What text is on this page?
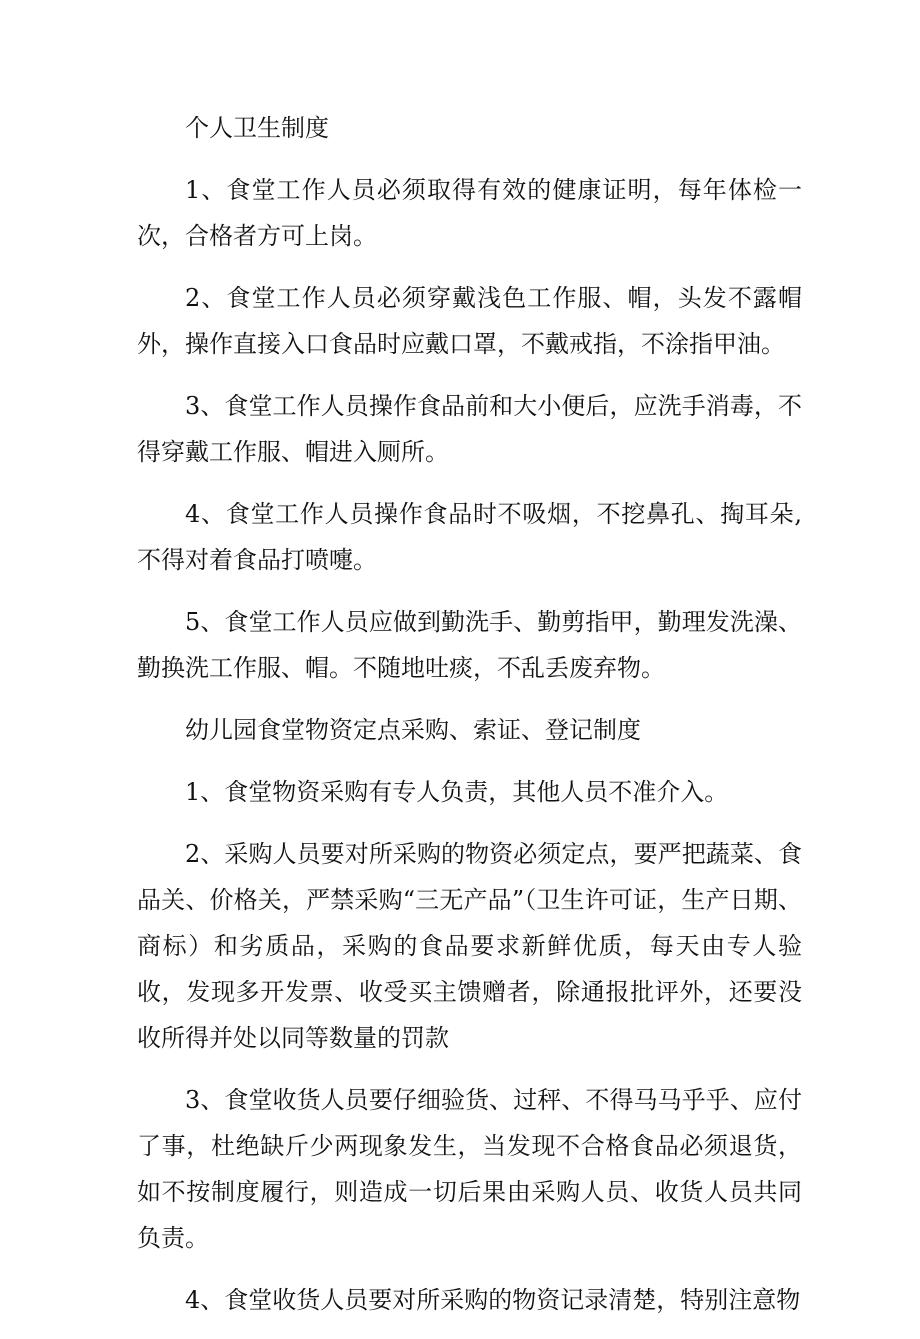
个人卫生制度

1、食堂工作人员必须取得有效的健康证明，每年体检一次，合格者方可上岗。

2、食堂工作人员必须穿戴浅色工作服、帽，头发不露帽外，操作直接入口食品时应戴口罩，不戴戒指，不涂指甲油。

3、食堂工作人员操作食品前和大小便后，应洗手消毒，不得穿戴工作服、帽进入厕所。

4、食堂工作人员操作食品时不吸烟，不挖鼻孔、掏耳朵,不得对着食品打喷嚏。

5、食堂工作人员应做到勤洗手、勤剪指甲，勤理发洗澡、勤换洗工作服、帽。不随地吐痰，不乱丢废弃物。

幼儿园食堂物资定点采购、索证、登记制度

1、食堂物资采购有专人负责，其他人员不准介入。

2、采购人员要对所采购的物资必须定点，要严把蔬菜、食品关、价格关，严禁采购“三无产品”（卫生许可证，生产日期、商标）和劣质品，采购的食品要求新鲜优质，每天由专人验收，发现多开发票、收受买主馈赠者，除通报批评外，还要没收所得并处以同等数量的罚款

3、食堂收货人员要仔细验货、过秤、不得马马乎乎、应付了事，杜绝缺斤少两现象发生，当发现不合格食品必须退货，如不按制度履行，则造成一切后果由采购人员、收货人员共同负责。

4、食堂收货人员要对所采购的物资记录清楚，特别注意物
